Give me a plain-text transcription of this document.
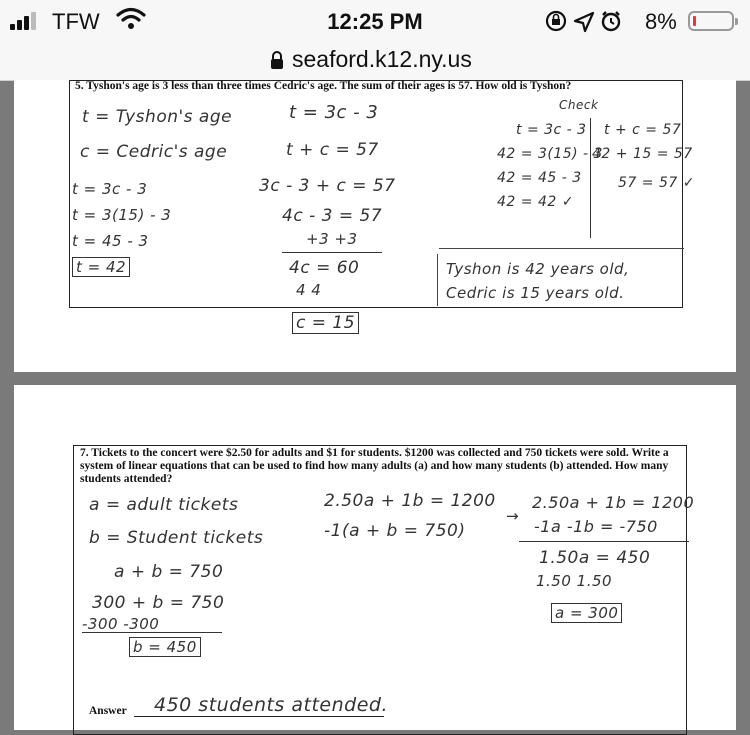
TFW	12:25 PM	8%
seaford.k12.ny.us
5. Tyshon's age is 3 less than three times Cedric's age. The sum of their ages is 57. How old is Tyshon?
t = Tyshon's age
c = Cedric's age
t = 3c - 3
t = 3(15) - 3
t = 45 - 3
t = 42
t = 3c - 3
t + c = 57
3c - 3 + c = 57
4c - 3 = 57
+3 +3
4c = 60
4 4
c = 15
Check
t = 3c - 3
42 = 3(15) - 3
42 = 45 - 3
42 = 42 ✓
t + c = 57
42 + 15 = 57
57 = 57 ✓
Tyshon is 42 years old,
Cedric is 15 years old.
7. Tickets to the concert were $2.50 for adults and $1 for students. $1200 was collected and 750 tickets were sold. Write a system of linear equations that can be used to find how many adults (a) and how many students (b) attended. How many students attended?
a = adult tickets
b = Student tickets
a + b = 750
300 + b = 750
-300 -300
b = 450
2.50a + 1b = 1200
-1(a + b = 750)
→
2.50a + 1b = 1200
-1a -1b = -750
1.50a = 450
1.50 1.50
a = 300
Answer 450 students attended.
